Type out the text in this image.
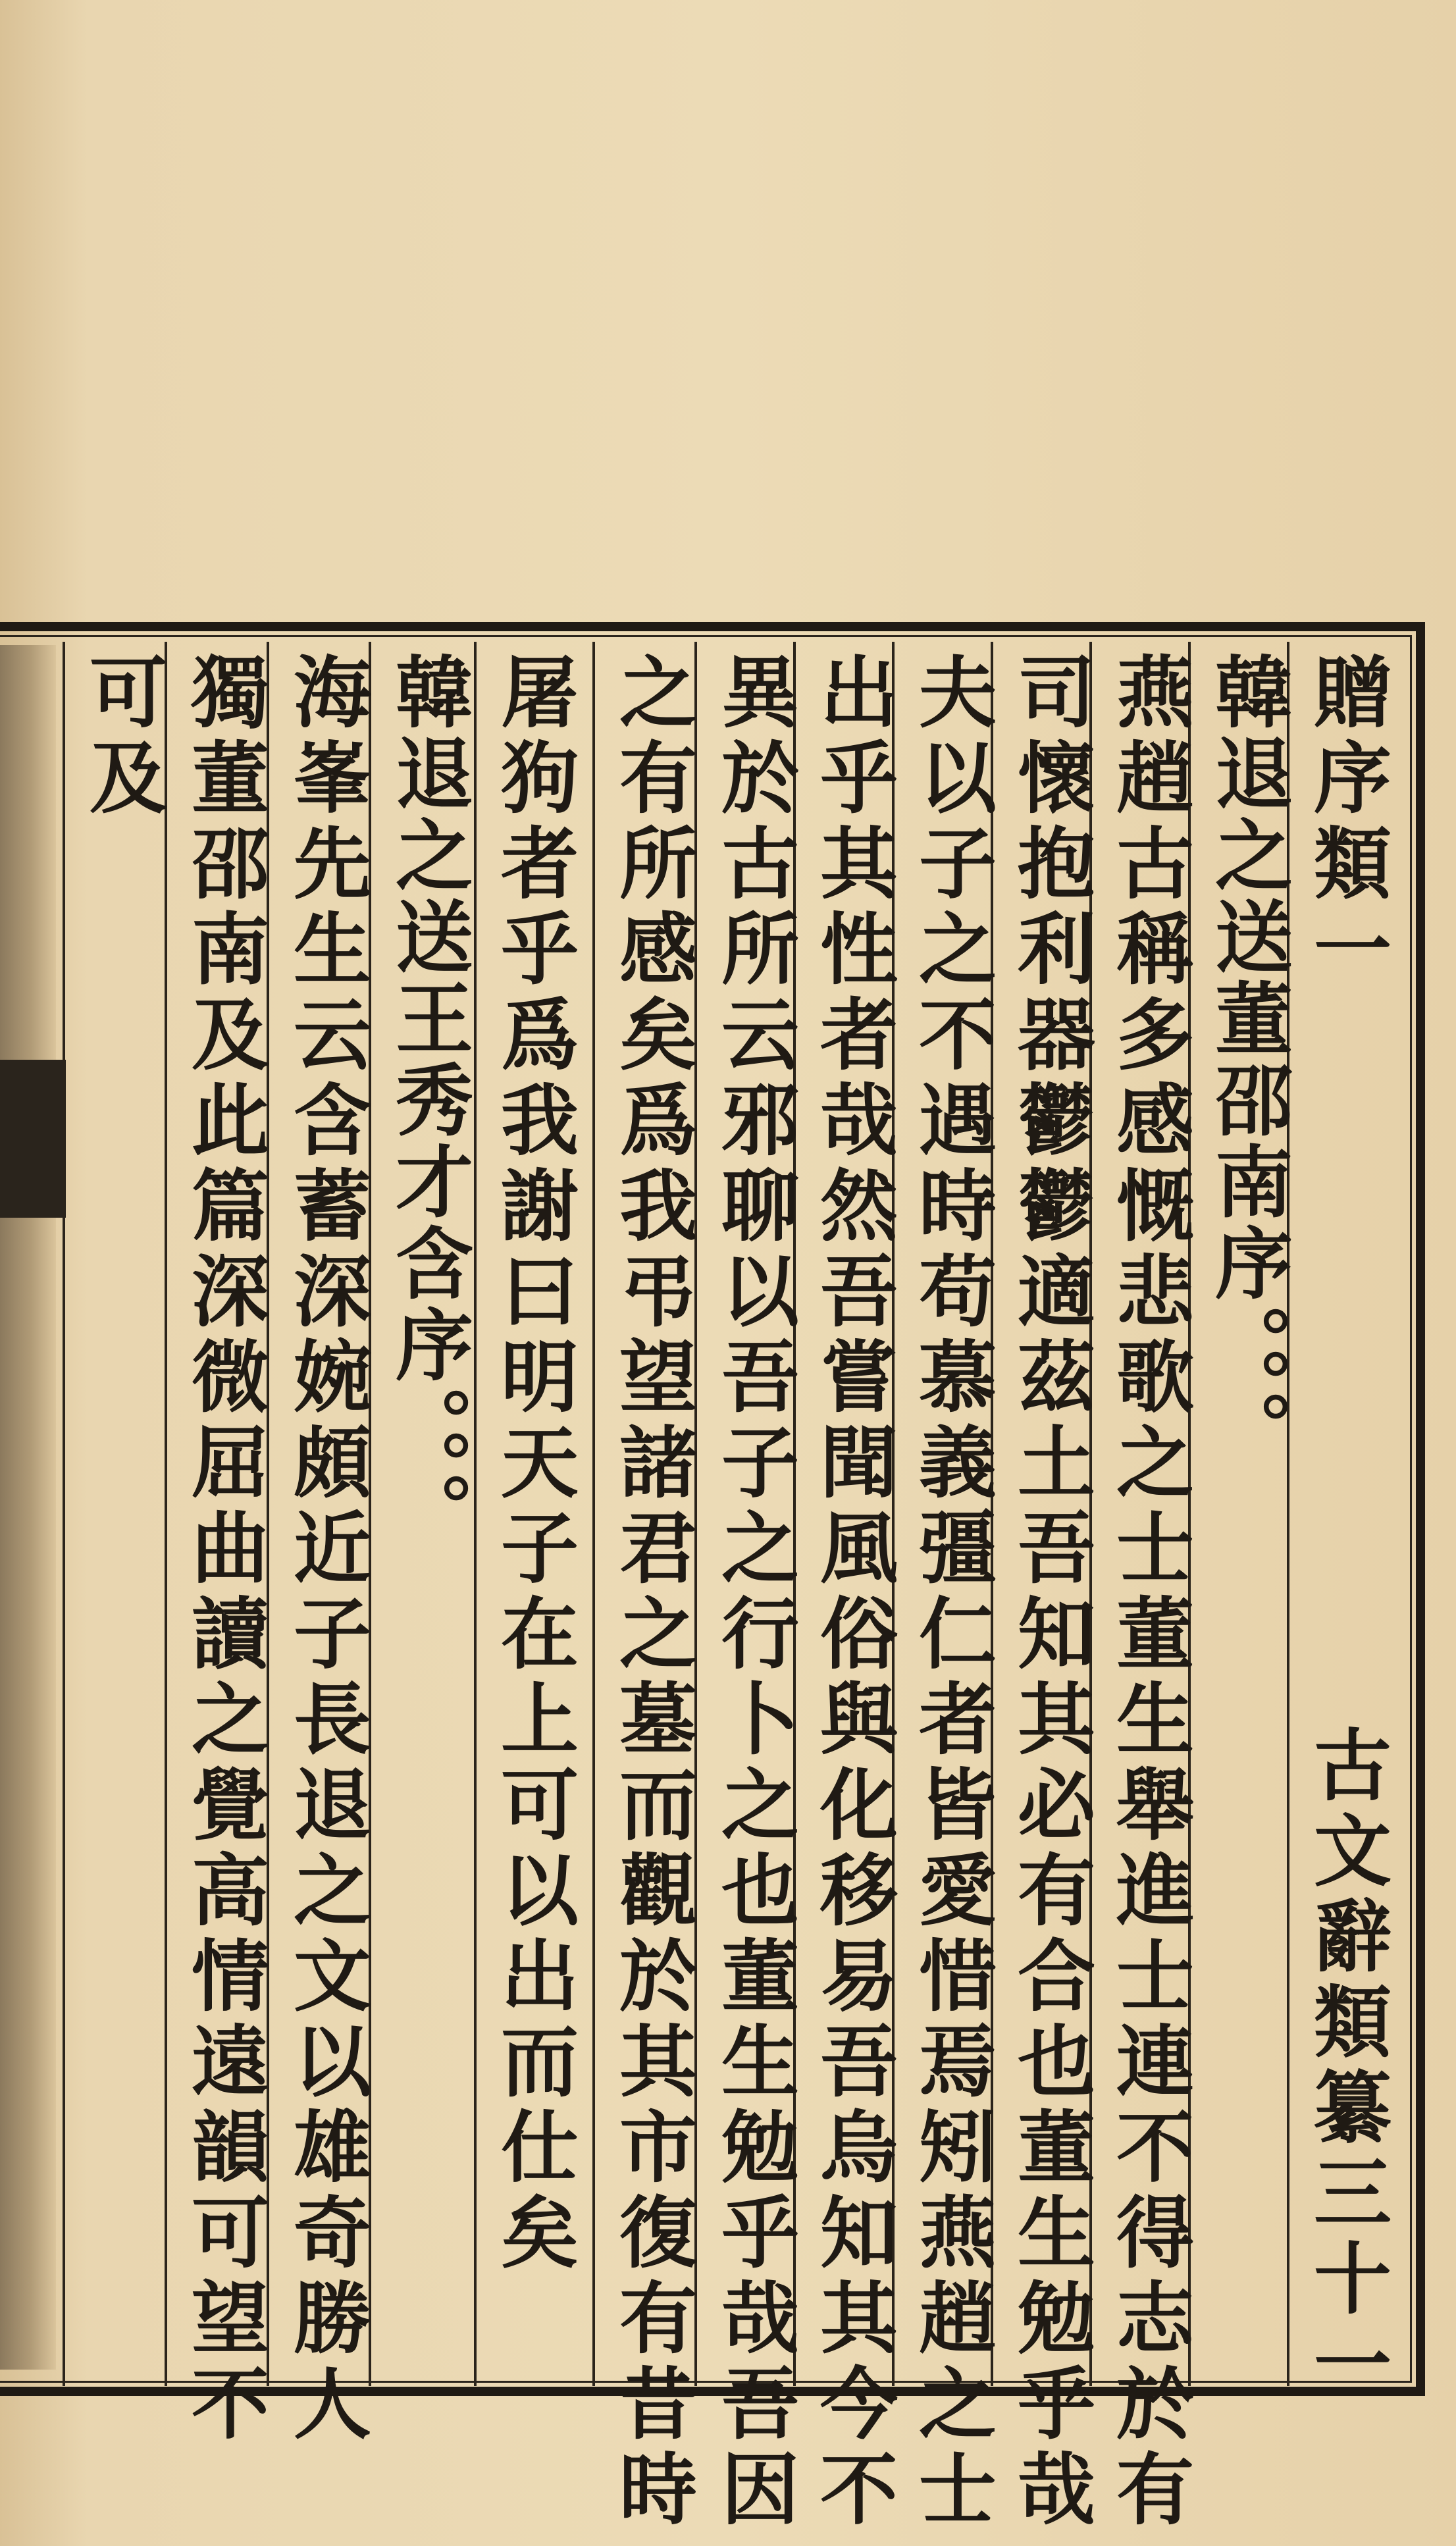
贈序類一
古文辭類纂三十一
韓退之送董邵南序。。。
燕趙古稱多感慨悲歌之士董生舉進士連不得志於有
司懷抱利器鬱鬱適茲土吾知其必有合也董生勉乎哉
夫以子之不遇時苟慕義彊仁者皆愛惜焉矧燕趙之士
出乎其性者哉然吾嘗聞風俗與化移易吾烏知其今不
異於古所云邪聊以吾子之行卜之也董生勉乎哉吾因
之有所感矣爲我弔望諸君之墓而觀於其市復有昔時
屠狗者乎爲我謝曰明天子在上可以出而仕矣
韓退之送王秀才含序。。。
海峯先生云含蓄深婉頗近子長退之文以雄奇勝人
獨董邵南及此篇深微屈曲讀之覺高情遠韻可望不
可及
